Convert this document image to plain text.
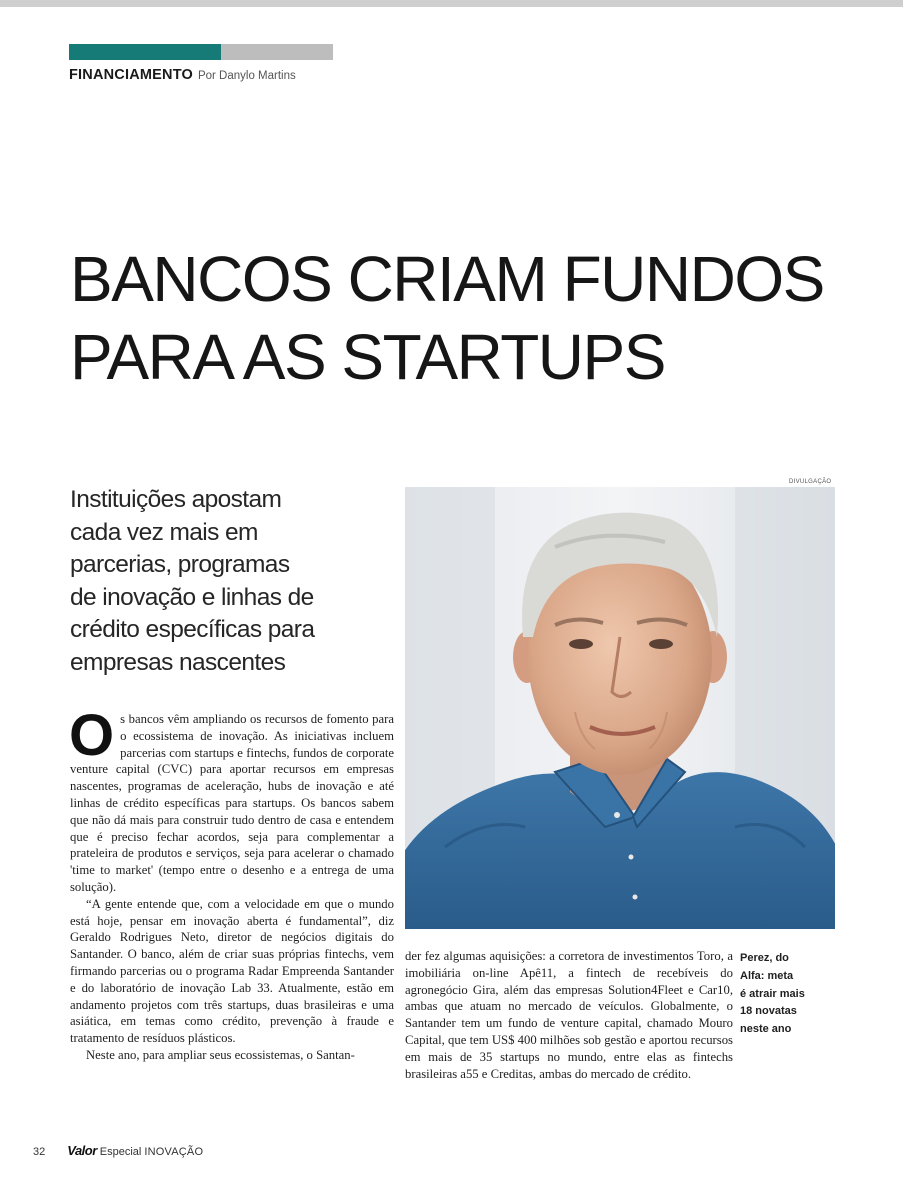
FINANCIAMENTO Por Danylo Martins
BANCOS CRIAM FUNDOS
PARA AS STARTUPS
Instituições apostam
cada vez mais em
parcerias, programas
de inovação e linhas de
crédito específicas para
empresas nascentes
DIVULGAÇÃO

Os bancos vêm ampliando os recursos de fomento para o ecossistema de inovação. As iniciativas incluem parcerias com startups e fintechs, fundos de corporate venture capital (CVC) para aportar recursos em empresas nascentes, programas de aceleração, hubs de inovação e até linhas de crédito específicas para startups. Os bancos sabem que não dá mais para construir tudo dentro de casa e entendem que é preciso fechar acordos, seja para complementar a prateleira de produtos e serviços, seja para acelerar o chamado 'time to market' (tempo entre o desenho e a entrega de uma solução).

“A gente entende que, com a velocidade em que o mundo está hoje, pensar em inovação aberta é fundamental”, diz Geraldo Rodrigues Neto, diretor de negócios digitais do Santander. O banco, além de criar suas próprias fintechs, vem firmando parcerias ou o programa Radar Empreenda Santander e do laboratório de inovação Lab 33. Atualmente, estão em andamento projetos com três startups, duas brasileiras e uma asiática, em temas como crédito, prevenção à fraude e tratamento de resíduos plásticos.

Neste ano, para ampliar seus ecossistemas, o Santan-

der fez algumas aquisições: a corretora de investimentos Toro, a imobiliária on-line Apê11, a fintech de recebíveis do agronegócio Gira, além das empresas Solution4Fleet e Car10, ambas que atuam no mercado de veículos. Globalmente, o Santander tem um fundo de venture capital, chamado Mouro Capital, que tem US$ 400 milhões sob gestão e aportou recursos em mais de 35 startups no mundo, entre elas as fintechs brasileiras a55 e Creditas, ambas do mercado de crédito.

Perez, do
Alfa: meta
é atrair mais
18 novatas
neste ano
32 Valor Especial INOVAÇÃO
